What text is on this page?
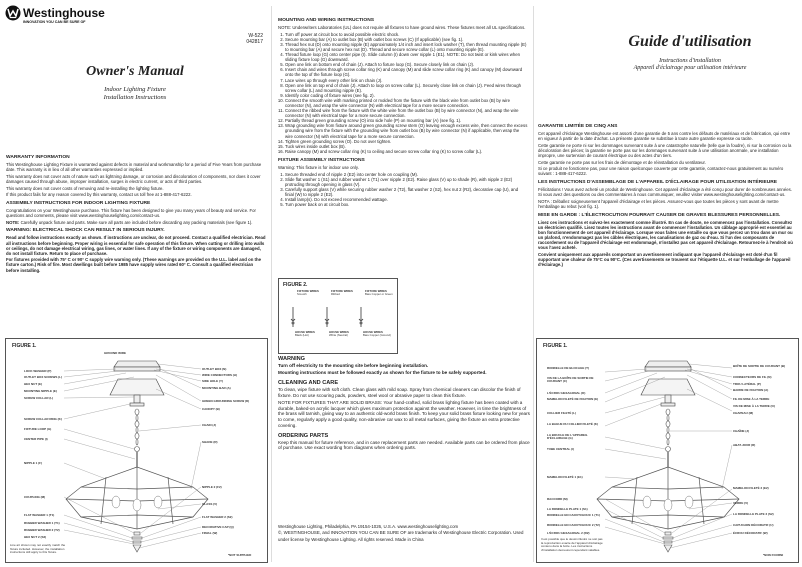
Westinghouse
INNOVATION YOU CAN BE SURE OF
W-522
042817
Owner's Manual
Indoor Lighting Fixture
Installation Instructions
WARRANTY INFORMATION

This Westinghouse Lighting Fixture is warranted against defects in material and workmanship for a period of Five Years from purchase date. This warranty is in lieu of all other warranties expressed or implied.

This warranty does not cover acts of nature such as lightning damage, or corrosion and discoloration of components, nor does it cover damages caused through abuse, improper installation, surges in electric current, or acts of third parties.

This warranty does not cover costs of removing and re-installing the lighting fixture.

If this product fails for any reason covered by this warranty, contact us toll free at 1-888-417-6222.

ASSEMBLY INSTRUCTIONS FOR INDOOR LIGHTING FIXTURE

Congratulations on your Westinghouse purchase. This fixture has been designed to give you many years of beauty and service. For questions and comments, please visit www.westinghouselighting.com/contact-us.

NOTE: Carefully unpack fixture and parts. Make sure all parts are included before discarding any packing materials (see figure 1).

WARNING: ELECTRICAL SHOCK CAN RESULT IN SERIOUS INJURY.

Read and follow instructions exactly as shown. If instructions are unclear, do not proceed. Contact a qualified electrician. Read all instructions before beginning. Proper wiring is essential for safe operation of this fixture. When cutting or drilling into walls or ceilings, do not damage electrical wiring, gas lines, or water lines. If any of the fixture or wiring components are damaged, do not install fixture. Return to place of purchase.

For fixtures provided with 75° C or 90° C supply wire warning only. (These warnings are provided on the U.L. label and on the fixture carton.) Risk of fire. Most dwellings built before 1985 have supply wires rated 60° C. Consult a qualified electrician before installing.

FIGURE 1.
GROUND WIRE
LOCK WASHER (P)
OUTLET BOX SCREWS (L)
HEX NUT (E)
MOUNTING NIPPLE (E)
SCREW COLLAR (L)
SCREW COLLAR RING (K)
FIXTURE LOOP (G)
CENTER PIPE (I)
NIPPLE 1 (F)
COUPLING (M)
FLAT WASHER 1 (T1)
RUBBER WASHER 1 (T1)
RUBBER WASHER 2 (T2)
HEX NUT 2 (S2)
OUTLET BOX (N)
WIRE CONNECTORS (H)
SIDE HOLE (Y)
MOUNTING BAR (A)
GREEN GROUNDING SCREW (D)
CANOPY (B)
CHAIN (J)
SHADE (R)
NIPPLE 2 (F2)
GLASS (V)
FLAT WASHER 2 (S2)
DECORATIVE CAP (Q)
FINIAL (W)
Line art shown may not exactly match the fixture included. However, the installation instructions still apply to this fixture.
*NOT SUPPLIED
MOUNTING AND WIRING INSTRUCTIONS

NOTE: Underwriters Laboratories (UL) does not require all fixtures to have ground wires. These fixtures meet all UL specifications.

1. Turn off power at circuit box to avoid possible electric shock.
2. Secure mounting bar (A) to outlet box (B) with outlet box screws (C) (If applicable) (see fig. 1).
3. Thread hex nut (D) onto mounting nipple (E) approximately 1/4 inch and insert lock washer (T), then thread mounting nipple (E) to mounting bar (A) and secure hex nut (D). Thread and secure screw collar (L) onto mounting nipple (E).
4. Thread fixture loop (G) onto center pipe (I). Slide column (I) down over nipple 1 (E1). NOTE: Do not twist or kink wires when sliding fixture loop (G) downward.
5. Open one link on bottom end of chain (J). Attach to fixture loop (G). Secure closely link on chain (J).
6. Insert chain and wires through screw collar ring (K) and canopy (M) and slide screw collar ring (K) and canopy (M) downward onto the top of the fixture loop (G).
7. Lace wires up through every other link on chain (J).
8. Open one link on top end of chain (J). Attach to loop on screw collar (L). Securely close link on chain (J). Feed wires through screw collar (L) and mounting nipple (E).
9. Identify color coding of fixture wires (see fig. 2).
10. Connect the smooth wire with marking printed or molded from the fixture with the black wire from outlet box (B) by wire connector (N), and wrap the wire connector (N) with electrical tape for a more secure connection.
11. Connect the ribbed wire from the fixture with the white wire from the outlet box (B) by wire connector (N), and wrap the wire connector (N) with electrical tape for a more secure connection.
12. Partially thread green grounding screw (O) into side hole (P) on mounting bar (A) (see fig. 1).
13. Wrap grounding wire from fixture around green grounding screw stem (O) leaving enough excess wire, then connect the excess grounding wire from the fixture with the grounding wire from outlet box (B) by wire connector (N) if applicable, then wrap the wire connector (N) with electrical tape for a more secure connection.
14. Tighten green grounding screw (O). Do not over tighten.
15. Tuck wires inside outlet box (B).
16. Raise canopy (M) and screw collar ring (K) to ceiling and secure screw collar ring (K) to screw collar (L).
FIXTURE ASSEMBLY INSTRUCTIONS

Warning: This fixture is for indoor use only.

1. Secure threaded end of nipple 2 (E2) into center hole on coupling (M).
2. Slide flat washer 1 (S1) and rubber washer 1 (T1) over nipple 2 (E2). Raise glass (V) up to shade (R), with nipple 2 (E2) protruding through opening in glass (V).
3. Carefully support glass (V) while securing rubber washer 2 (T2), flat washer 2 (S2), hex nut 2 (R2), decorative cap (U), and finial (W) to nipple 2 (E2).
4. Install lamp(s). Do not exceed recommended wattage.
5. Turn power back on at circuit box.
FIGURE 2.
FIXTURE WIRES
Smooth
FIXTURE WIRES
Ribbed
FIXTURE WIRES
Bare Copper or Green
HOUSE WIRES
Black (Hot)
HOUSE WIRES
White (Neutral)
HOUSE WIRES
Bare Copper (Ground)
WARNING

Turn off electricity to the mounting site before beginning installation.

Mounting instructions must be followed exactly as shown for the fixture to be safely supported.

CLEANING AND CARE

To clean, wipe fixture with soft cloth. Clean glass with mild soap. Spray from chemical cleaners can discolor the finish of fixture. Do not use scouring pads, powders, steel wool or abrasive paper to clean this fixture.

NOTE FOR FIXTURES THAT ARE SOLID BRASS: Your hand-crafted, solid brass lighting fixture has been coated with a durable, baked-on acrylic lacquer which gives maximum protection against the weather. However, in time the brightness of the brass will tarnish, giving way to an authentic old-world brass finish. To keep your solid brass fixture looking new for years to come, regularly apply a good quality, non-abrasive car wax to all metal surfaces, giving the fixture an extra protective covering.

ORDERING PARTS

Keep this manual for future reference, and in case replacement parts are needed. Available parts can be ordered from place of purchase. Use exact wording from diagrams when ordering parts.

Westinghouse Lighting, Philadelphia, PA 19154-1026, U.S.A. www.westinghouselighting.com
©, WESTINGHOUSE, and INNOVATION YOU CAN BE SURE OF are trademarks of Westinghouse Electric Corporation. Used under license by Westinghouse Lighting. All rights reserved. Made in China
Guide d'utilisation
Instructions d'installation
Appareil d'éclairage pour utilisation intérieure
GARANTIE LIMITÉE DE CINQ ANS

Cet appareil d'éclairage Westinghouse est assorti d'une garantie de 5 ans contre les défauts de matériaux et de fabrication, qui entre en vigueur à partir de la date d'achat. La présente garantie se substitue à toute autre garantie expresse ou tacite.

Cette garantie ne porte ni sur les dommages survenant suite à une catastrophe naturelle (telle que la foudre), ni sur la corrosion ou la décoloration des pièces; la garantie ne porte pas sur les dommages survenant suite à une utilisation anormale, une installation impropre, une surtension de courant électrique ou des actes d'un tiers.

Cette garantie ne porte pas sur les frais de démontage et de réinstallation du ventilateur.

Si ce produit ne fonctionne pas, pour une raison quelconque couverte par cette garantie, contactez-nous gratuitement au numéro suivant : 1-888-417-6222.

LES INSTRUCTIONS D'ASSEMBLAGE DE L'APPAREIL D'ÉCLAIRAGE POUR UTILISATION INTÉRIEURE

Félicitations ! Vous avez acheté un produit de Westinghouse. Cet appareil d'éclairage a été conçu pour durer de nombreuses années. Si vous avez des questions ou des commentaires à nous communiquer, veuillez visiter www.westinghouselighting.com/contact-us.

NOTA : Déballez soigneusement l'appareil d'éclairage et les pièces. Assurez-vous que toutes les pièces y sont avant de mettre l'emballage au rebut (voir fig. 1).

MISE EN GARDE : L'ÉLECTROCUTION POURRAIT CAUSER DE GRAVES BLESSURES PERSONNELLES.

Lisez ces instructions et suivez-les exactement comme illustré. En cas de doute, ne commencez pas l'installation. Consultez un électricien qualifié. Lisez toutes les instructions avant de commencer l'installation. Un câblage approprié est essentiel au bon fonctionnement de cet appareil d'éclairage. Lorsque vous faites une entaille ou que vous percez un trou dans un mur ou un plafond, n'endommagez pas les câbles électriques, les canalisations de gaz ou d'eau. Si l'un des composants de raccordement ou de l'appareil d'éclairage est endommagé, n'installez pas cet appareil d'éclairage. Retournez-le à l'endroit où vous l'avez acheté.

Convient uniquement aux appareils comportant un avertissement indiquant que l'appareil d'éclairage est doté d'un fil supportant une chaleur de 75°C ou 90°C. (Ces avertissements se trouvent sur l'étiquette U.L. et sur l'emballage de l'appareil d'éclairage.)

FIGURE 1.
RONDELLE DE BLOCAGE (T)
VIS DE LA BOÎTE DE SORTIE DE COURANT (C)
L'ÉCROU HEXAGONAL (D)
MAMELON FILETÉ DE FIXATION (E)
COLLIER FILETÉ (L)
LA BAGUE DU COLLIER FILETÉ (K)
LA BOUCLE DE L'APPAREIL D'ÉCLAIRAGE (G)
TUBE CENTRAL (I)
MAMELON FILETÉ 1 (E1)
RACCORD (M)
LA RONDELLE PLATE 1 (S1)
RONDELLE EN CAOUTCHOUC 1 (T1)
RONDELLE EN CAOUTCHOUC 2 (T2)
L'ÉCROU HEXAGONAL 2 (R2)
BOÎTE DE SORTIE DE COURANT (B)
CONNECTEURS DE FIL (N)
TROU LATÉRAL (P)
BARRE DE FIXATION (A)
FIL DE MISE À LA TERRE
VIS DE MISE À LA TERRE (O)
CHAPEAU (M)
CHAÎNE (J)
ABAT-JOUR (R)
MAMELON FILETÉ 2 (E2)
VERRE (V)
LA RONDELLE PLATE 2 (S2)
CAPUCHON DÉCORATIF (U)
ÉCROU DÉCORATIF (W)
Il est possible que le dessin illustré ne soit pas la reproduction exacte de l'appareil d'éclairage contenu dans la boîte. Les instructions d'installation demeurent cependant valables.
*NON FOURNI
